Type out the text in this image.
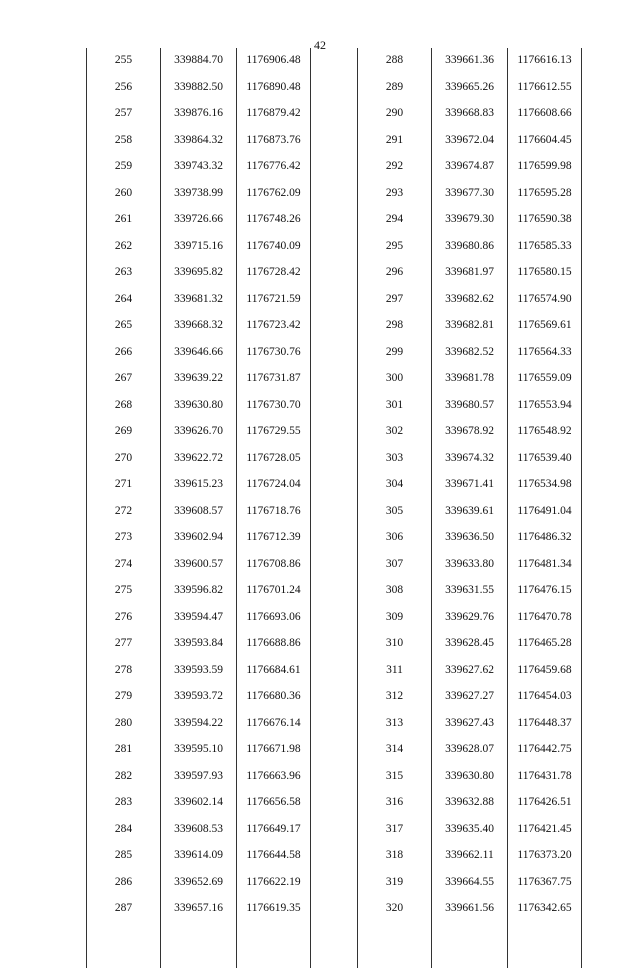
42
255	339884.70	1176906.48
256	339882.50	1176890.48
257	339876.16	1176879.42
258	339864.32	1176873.76
259	339743.32	1176776.42
260	339738.99	1176762.09
261	339726.66	1176748.26
262	339715.16	1176740.09
263	339695.82	1176728.42
264	339681.32	1176721.59
265	339668.32	1176723.42
266	339646.66	1176730.76
267	339639.22	1176731.87
268	339630.80	1176730.70
269	339626.70	1176729.55
270	339622.72	1176728.05
271	339615.23	1176724.04
272	339608.57	1176718.76
273	339602.94	1176712.39
274	339600.57	1176708.86
275	339596.82	1176701.24
276	339594.47	1176693.06
277	339593.84	1176688.86
278	339593.59	1176684.61
279	339593.72	1176680.36
280	339594.22	1176676.14
281	339595.10	1176671.98
282	339597.93	1176663.96
283	339602.14	1176656.58
284	339608.53	1176649.17
285	339614.09	1176644.58
286	339652.69	1176622.19
287	339657.16	1176619.35
288	339661.36	1176616.13
289	339665.26	1176612.55
290	339668.83	1176608.66
291	339672.04	1176604.45
292	339674.87	1176599.98
293	339677.30	1176595.28
294	339679.30	1176590.38
295	339680.86	1176585.33
296	339681.97	1176580.15
297	339682.62	1176574.90
298	339682.81	1176569.61
299	339682.52	1176564.33
300	339681.78	1176559.09
301	339680.57	1176553.94
302	339678.92	1176548.92
303	339674.32	1176539.40
304	339671.41	1176534.98
305	339639.61	1176491.04
306	339636.50	1176486.32
307	339633.80	1176481.34
308	339631.55	1176476.15
309	339629.76	1176470.78
310	339628.45	1176465.28
311	339627.62	1176459.68
312	339627.27	1176454.03
313	339627.43	1176448.37
314	339628.07	1176442.75
315	339630.80	1176431.78
316	339632.88	1176426.51
317	339635.40	1176421.45
318	339662.11	1176373.20
319	339664.55	1176367.75
320	339661.56	1176342.65
